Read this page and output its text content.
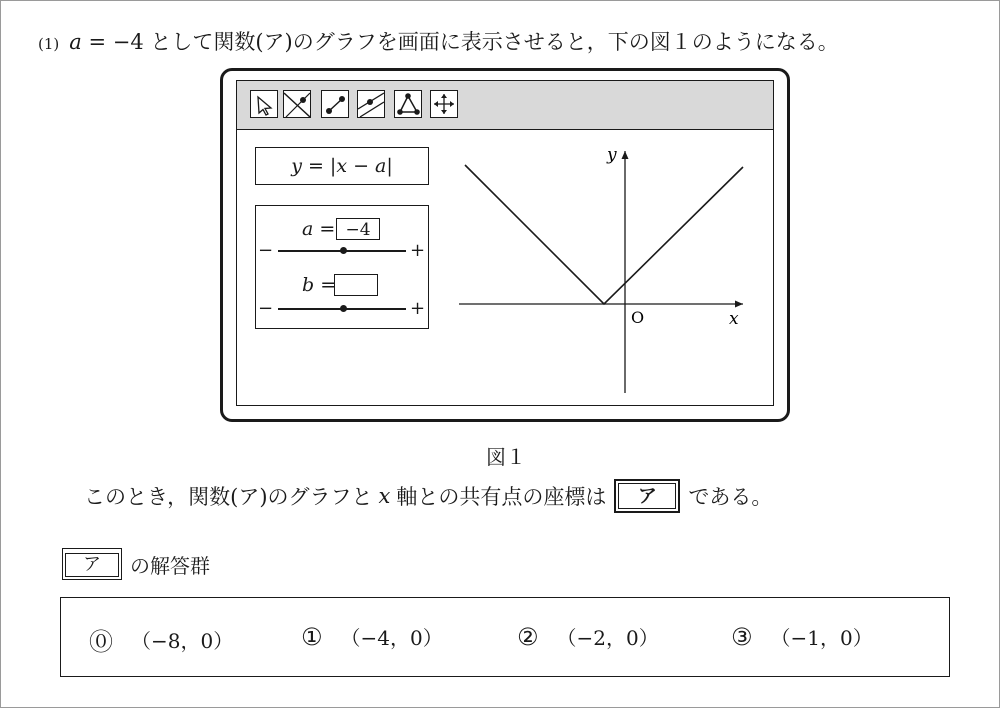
(1) a = −4 として関数(ア)のグラフを画面に表示させると，下の図１のようになる。
y = |x − a|
a = −4
−	+
b =
−	+
y
x
O
図１
このとき，関数(ア)のグラフと x 軸との共有点の座標は	ア	である。
ア	の解答群
⓪ （−8，0）	① （−4，0）	② （−2，0）	③ （−1，0）
